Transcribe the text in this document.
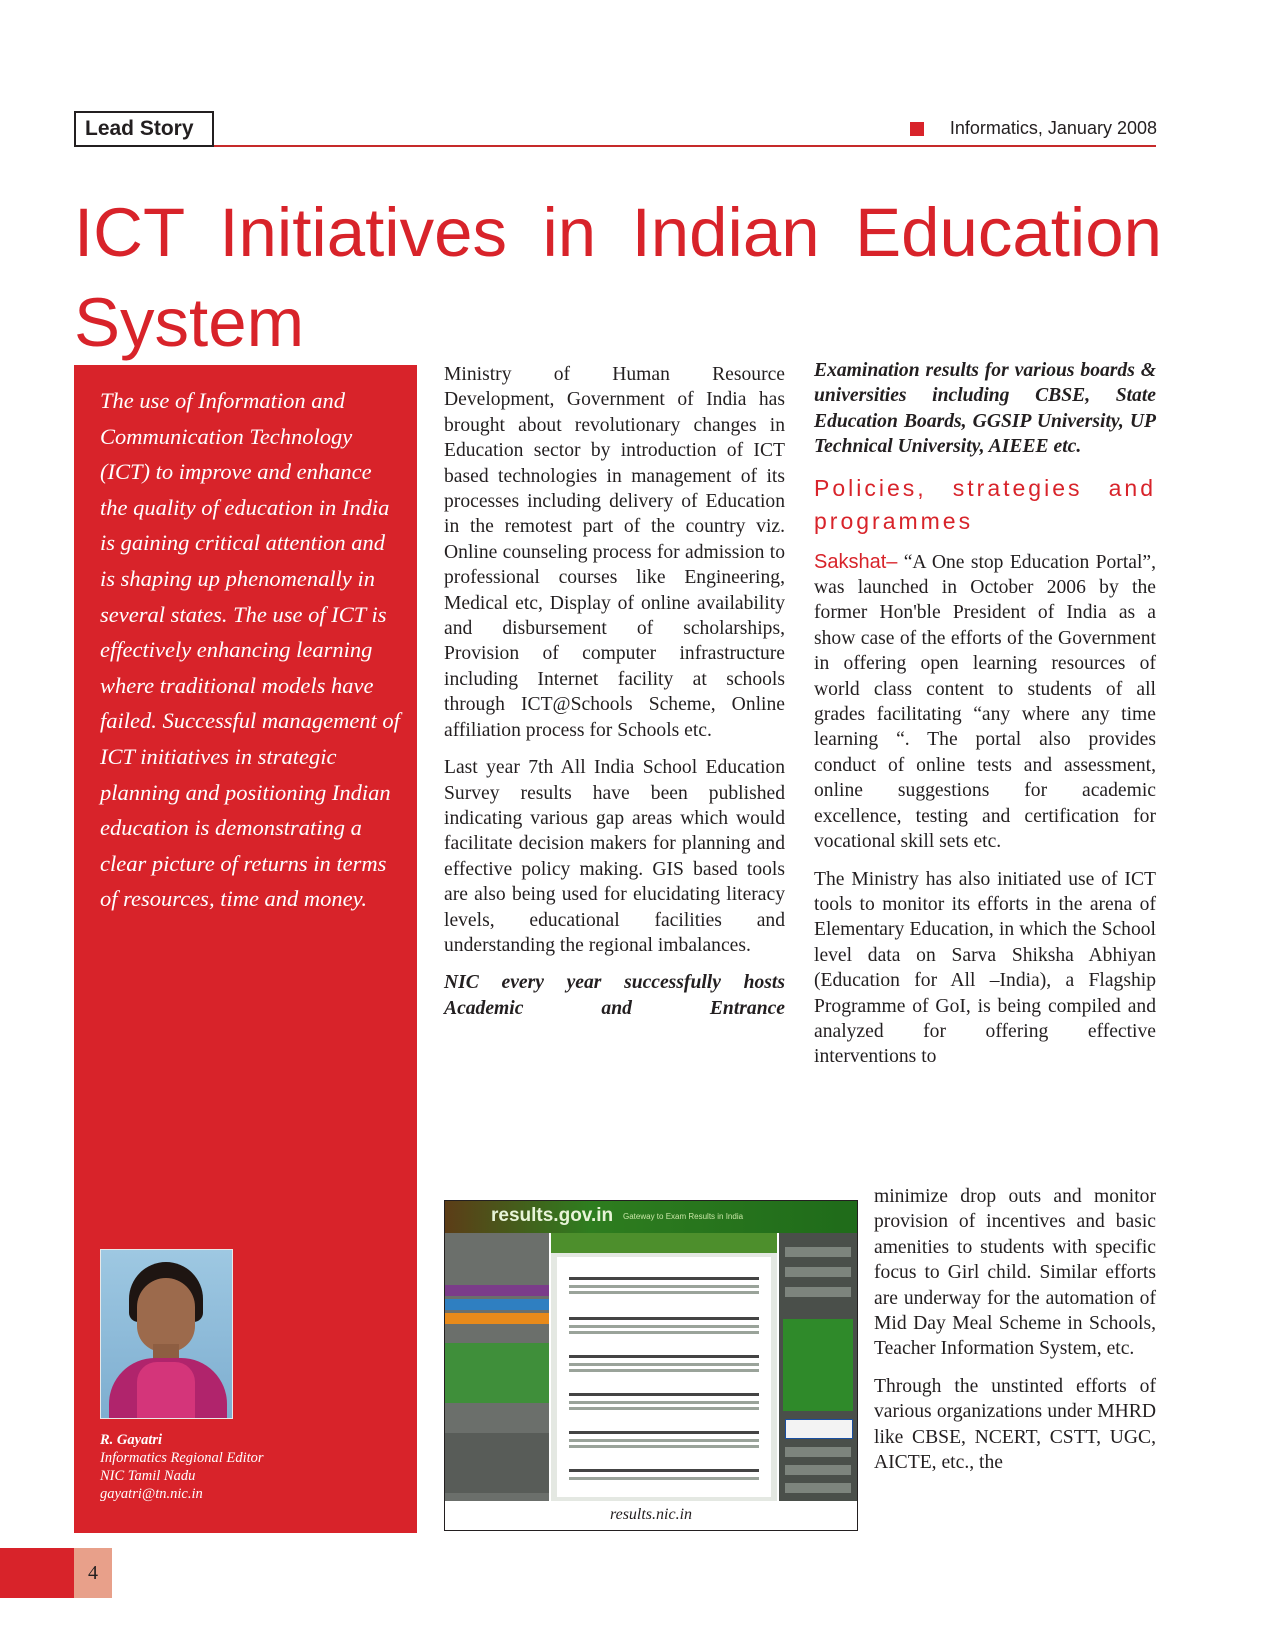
Lead Story	Informatics, January 2008
ICT Initiatives in Indian Education System

The use of Information and Communication Technology (ICT) to improve and enhance the quality of education in India is gaining critical attention and is shaping up phenomenally in several states. The use of ICT is effectively enhancing learning where traditional models have failed. Successful management of ICT initiatives in strategic planning and positioning Indian education is demonstrating a clear picture of returns in terms of resources, time and money.

R. Gayatri
Informatics Regional Editor
NIC Tamil Nadu
gayatri@tn.nic.in

Ministry of Human Resource Development, Government of India has brought about revolutionary changes in Education sector by introduction of ICT based technologies in management of its processes including delivery of Education in the remotest part of the country viz. Online counseling process for admission to professional courses like Engineering, Medical etc, Display of online availability and disbursement of scholarships, Provision of computer infrastructure including Internet facility at schools through ICT@Schools Scheme, Online affiliation process for Schools etc.

Last year 7th All India School Education Survey results have been published indicating various gap areas which would facilitate decision makers for planning and effective policy making. GIS based tools are also being used for elucidating literacy levels, educational facilities and understanding the regional imbalances.

NIC every year successfully hosts Academic and Entrance

Examination results for various boards & universities including CBSE, State Education Boards, GGSIP University, UP Technical University, AIEEE etc.

Policies, strategies and programmes

Sakshat– “A One stop Education Portal”, was launched in October 2006 by the former Hon'ble President of India as a show case of the efforts of the Government in offering open learning resources of world class content to students of all grades facilitating “any where any time learning “. The portal also provides conduct of online tests and assessment, online suggestions for academic excellence, testing and certification for vocational skill sets etc.

The Ministry has also initiated use of ICT tools to monitor its efforts in the arena of Elementary Education, in which the School level data on Sarva Shiksha Abhiyan (Education for All –India), a Flagship Programme of GoI, is being compiled and analyzed for offering effective interventions to

minimize drop outs and monitor provision of incentives and basic amenities to students with specific focus to Girl child. Similar efforts are underway for the automation of Mid Day Meal Scheme in Schools, Teacher Information System, etc.

Through the unstinted efforts of various organizations under MHRD like CBSE, NCERT, CSTT, UGC, AICTE, etc., the

results.gov.in Gateway to Exam Results in India
results.nic.in
4
